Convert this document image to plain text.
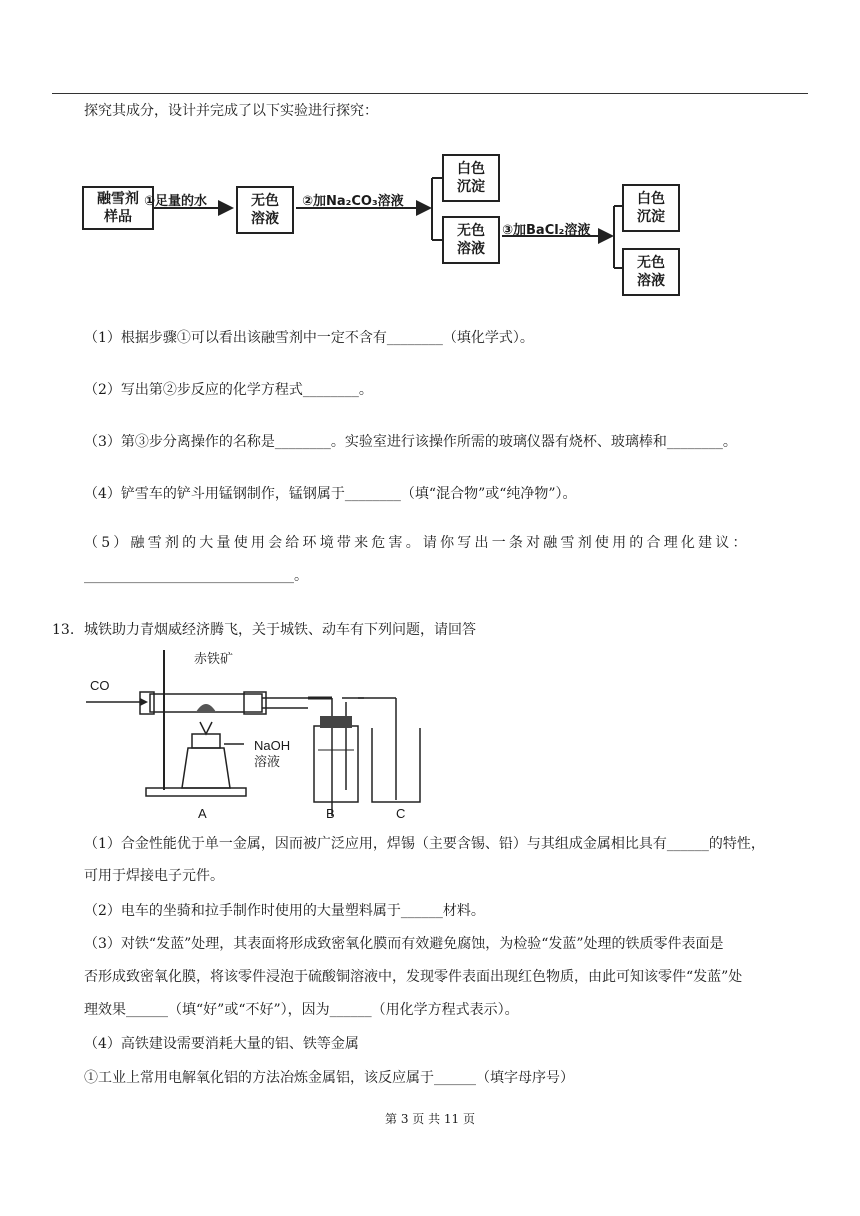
探究其成分，设计并完成了以下实验进行探究：
融雪剂
样品
①足量的水	无色
溶液
②加Na₂CO₃溶液
白色
沉淀
无色
溶液
③加BaCl₂溶液
白色
沉淀
无色
溶液
（1）根据步骤①可以看出该融雪剂中一定不含有________（填化学式）。
（2）写出第②步反应的化学方程式________。
（3）第③步分离操作的名称是________。实验室进行该操作所需的玻璃仪器有烧杯、玻璃棒和________。
（4）铲雪车的铲斗用锰钢制作，锰钢属于________（填“混合物”或“纯净物”）。
（5）融雪剂的大量使用会给环境带来危害。请你写出一条对融雪剂使用的合理化建议：
______________________________。
13. 城铁助力青烟威经济腾飞，关于城铁、动车有下列问题，请回答
CO
赤铁矿
NaOH
溶液
A	B	C
（1）合金性能优于单一金属，因而被广泛应用，焊锡（主要含锡、铅）与其组成金属相比具有______的特性，
可用于焊接电子元件。
（2）电车的坐骑和拉手制作时使用的大量塑料属于______材料。
（3）对铁“发蓝”处理，其表面将形成致密氧化膜而有效避免腐蚀，为检验“发蓝”处理的铁质零件表面是
否形成致密氧化膜，将该零件浸泡于硫酸铜溶液中，发现零件表面出现红色物质，由此可知该零件“发蓝”处
理效果______（填“好”或“不好”），因为______（用化学方程式表示）。
（4）高铁建设需要消耗大量的铝、铁等金属
①工业上常用电解氧化铝的方法冶炼金属铝，该反应属于______（填字母序号）
第 3 页 共 11 页
